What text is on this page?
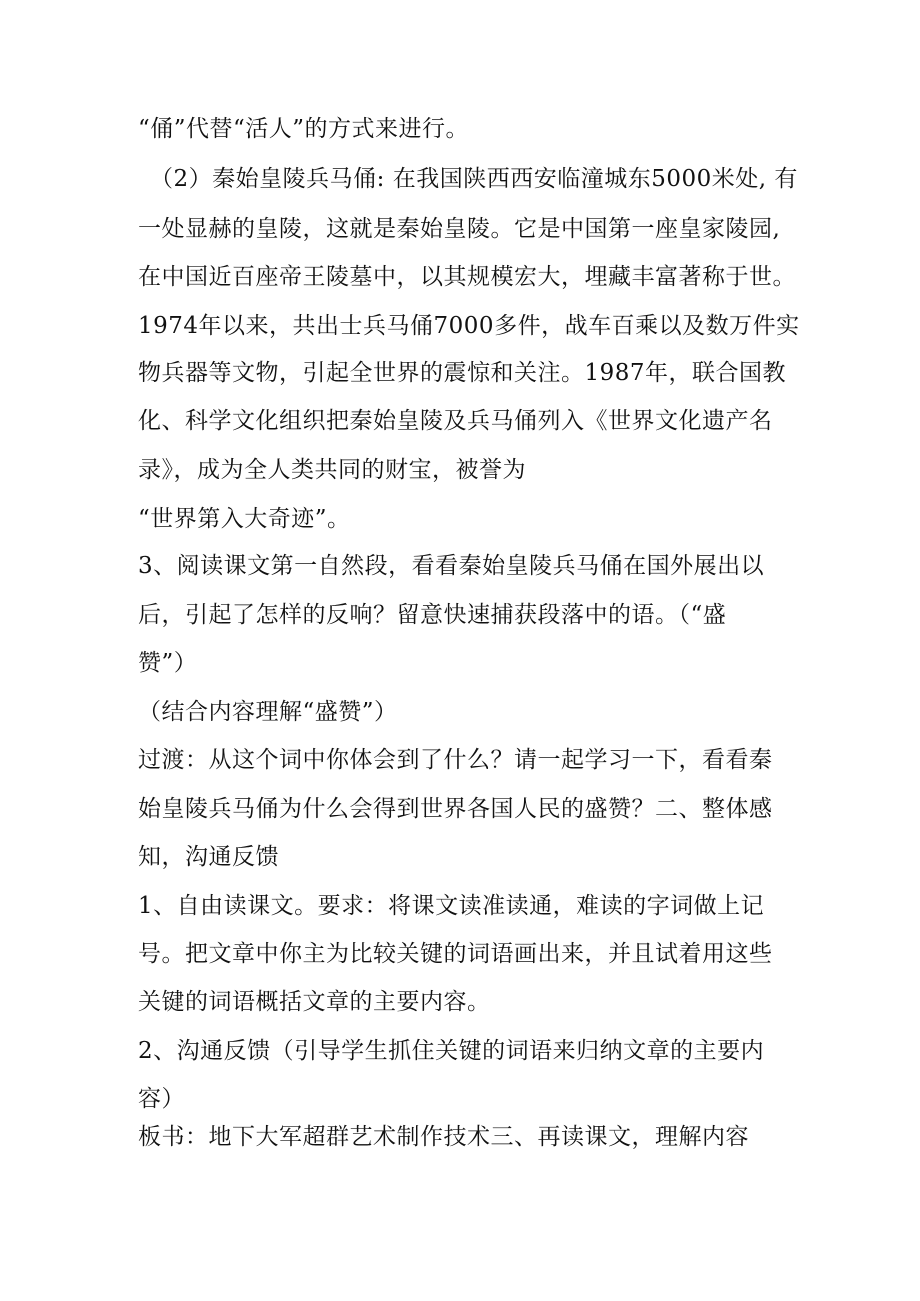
“俑”代替“活人”的方式来进行。
（2）秦始皇陵兵马俑: 在我国陕西西安临潼城东5000米处, 有
一处显赫的皇陵，这就是秦始皇陵。它是中国第一座皇家陵园,
在中国近百座帝王陵墓中，以其规模宏大，埋藏丰富著称于世。
1974年以来，共出士兵马俑7000多件，战车百乘以及数万件实
物兵器等文物，引起全世界的震惊和关注。1987年，联合国教
化、科学文化组织把秦始皇陵及兵马俑列入《世界文化遗产名
录》，成为全人类共同的财宝，被誉为
“世界第入大奇迹”。
3、阅读课文第一自然段，看看秦始皇陵兵马俑在国外展出以
后，引起了怎样的反响？留意快速捕获段落中的语。（“盛
赞”）
（结合内容理解“盛赞”）
过渡：从这个词中你体会到了什么？请一起学习一下，看看秦
始皇陵兵马俑为什么会得到世界各国人民的盛赞？二、整体感
知，沟通反馈
1、自由读课文。要求：将课文读准读通，难读的字词做上记
号。把文章中你主为比较关键的词语画出来，并且试着用这些
关键的词语概括文章的主要内容。
2、沟通反馈（引导学生抓住关键的词语来归纳文章的主要内
容）
板书：地下大军超群艺术制作技术三、再读课文，理解内容
